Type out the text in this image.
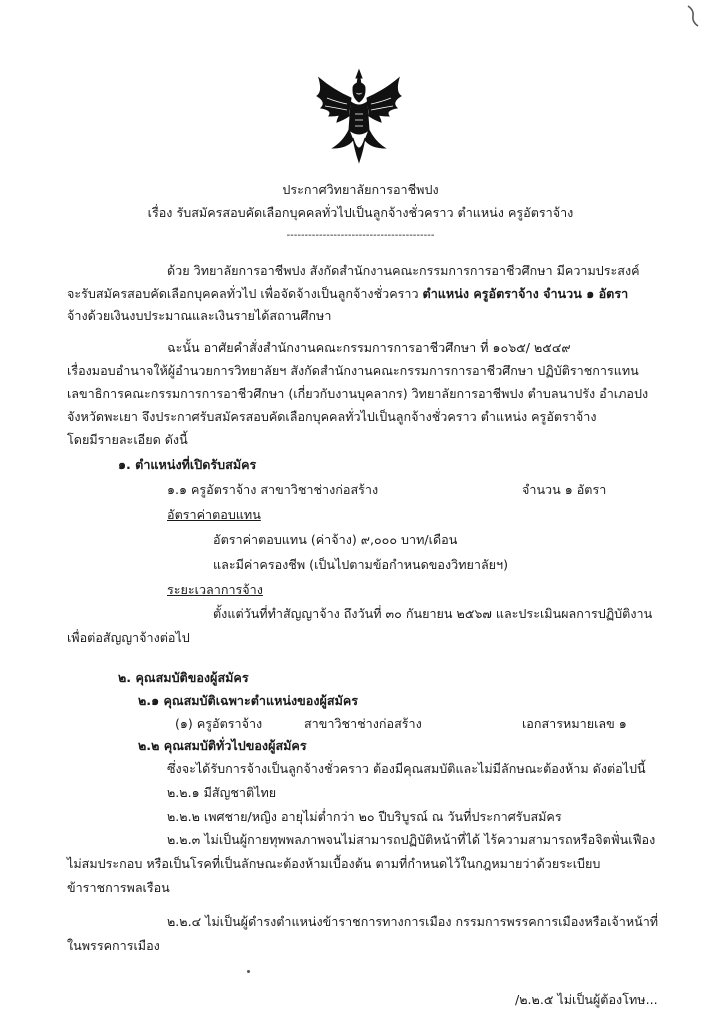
ประกาศวิทยาลัยการอาชีพปง
เรื่อง รับสมัครสอบคัดเลือกบุคคลทั่วไปเป็นลูกจ้างชั่วคราว ตำแหน่ง ครูอัตราจ้าง
-----------------------------------------
ด้วย วิทยาลัยการอาชีพปง สังกัดสำนักงานคณะกรรมการการอาชีวศึกษา มีความประสงค์
จะรับสมัครสอบคัดเลือกบุคคลทั่วไป เพื่อจัดจ้างเป็นลูกจ้างชั่วคราว ตำแหน่ง ครูอัตราจ้าง จำนวน ๑ อัตรา
จ้างด้วยเงินงบประมาณและเงินรายได้สถานศึกษา
ฉะนั้น อาศัยคำสั่งสำนักงานคณะกรรมการการอาชีวศึกษา ที่ ๑๐๖๕/ ๒๕๔๙
เรื่องมอบอำนาจให้ผู้อำนวยการวิทยาลัยฯ สังกัดสำนักงานคณะกรรมการการอาชีวศึกษา ปฏิบัติราชการแทน
เลขาธิการคณะกรรมการการอาชีวศึกษา (เกี่ยวกับงานบุคลากร) วิทยาลัยการอาชีพปง ตำบลนาปรัง อำเภอปง
จังหวัดพะเยา จึงประกาศรับสมัครสอบคัดเลือกบุคคลทั่วไปเป็นลูกจ้างชั่วคราว ตำแหน่ง ครูอัตราจ้าง
โดยมีรายละเอียด ดังนี้
๑. ตำแหน่งที่เปิดรับสมัคร
๑.๑ ครูอัตราจ้าง สาขาวิชาช่างก่อสร้าง	จำนวน ๑ อัตรา
อัตราค่าตอบแทน
อัตราค่าตอบแทน (ค่าจ้าง) ๙,๐๐๐ บาท/เดือน
และมีค่าครองชีพ (เป็นไปตามข้อกำหนดของวิทยาลัยฯ)
ระยะเวลาการจ้าง
ตั้งแต่วันที่ทำสัญญาจ้าง ถึงวันที่ ๓๐ กันยายน ๒๕๖๗ และประเมินผลการปฏิบัติงาน
เพื่อต่อสัญญาจ้างต่อไป
๒. คุณสมบัติของผู้สมัคร
๒.๑ คุณสมบัติเฉพาะตำแหน่งของผู้สมัคร
(๑) ครูอัตราจ้าง	สาขาวิชาช่างก่อสร้าง	เอกสารหมายเลข ๑
๒.๒ คุณสมบัติทั่วไปของผู้สมัคร
ซึ่งจะได้รับการจ้างเป็นลูกจ้างชั่วคราว ต้องมีคุณสมบัติและไม่มีลักษณะต้องห้าม ดังต่อไปนี้
๒.๒.๑ มีสัญชาติไทย
๒.๒.๒ เพศชาย/หญิง อายุไม่ต่ำกว่า ๒๐ ปีบริบูรณ์ ณ วันที่ประกาศรับสมัคร
๒.๒.๓ ไม่เป็นผู้กายทุพพลภาพจนไม่สามารถปฏิบัติหน้าที่ได้ ไร้ความสามารถหรือจิตฟั่นเฟือง
ไม่สมประกอบ หรือเป็นโรคที่เป็นลักษณะต้องห้ามเบื้องต้น ตามที่กำหนดไว้ในกฎหมายว่าด้วยระเบียบ
ข้าราชการพลเรือน
๒.๒.๔ ไม่เป็นผู้ดำรงตำแหน่งข้าราชการทางการเมือง กรรมการพรรคการเมืองหรือเจ้าหน้าที่
ในพรรคการเมือง
/๒.๒.๕ ไม่เป็นผู้ต้องโทษ...
